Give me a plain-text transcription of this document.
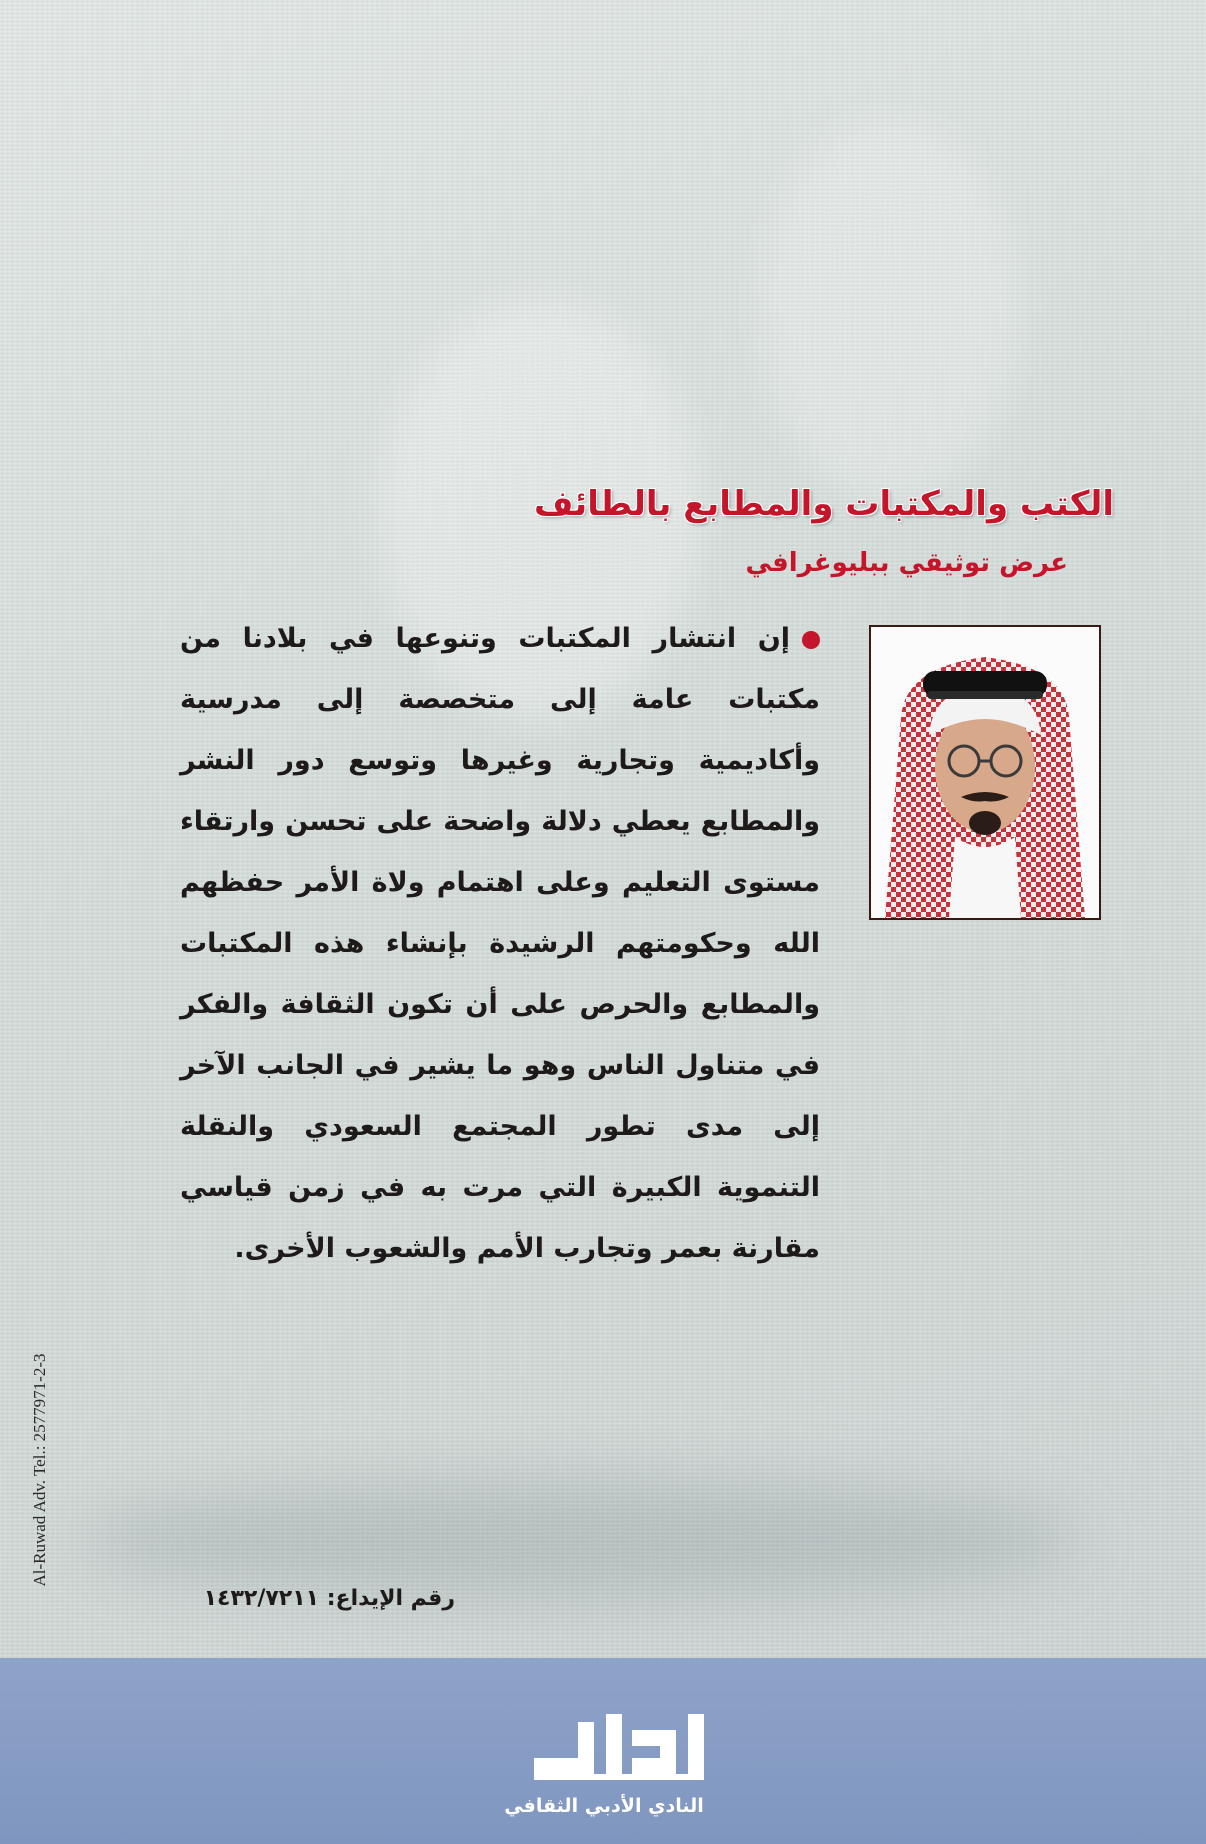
الكتب والمكتبات والمطابع بالطائف
عرض توثيقي ببليوغرافي

إن انتشار المكتبات وتنوعها في بلادنا من مكتبات عامة إلى متخصصة إلى مدرسية وأكاديمية وتجارية وغيرها وتوسع دور النشر والمطابع يعطي دلالة واضحة على تحسن وارتقاء مستوى التعليم وعلى اهتمام ولاة الأمر حفظهم الله وحكومتهم الرشيدة بإنشاء هذه المكتبات والمطابع والحرص على أن تكون الثقافة والفكر في متناول الناس وهو ما يشير في الجانب الآخر إلى مدى تطور المجتمع السعودي والنقلة التنموية الكبيرة التي مرت به في زمن قياسي مقارنة بعمر وتجارب الأمم والشعوب الأخرى.

Al-Ruwad Adv. Tel.: 2577971-2-3
رقم الإيداع: ١٤٣٢/٧٢١١
النادي الأدبي الثقافي
